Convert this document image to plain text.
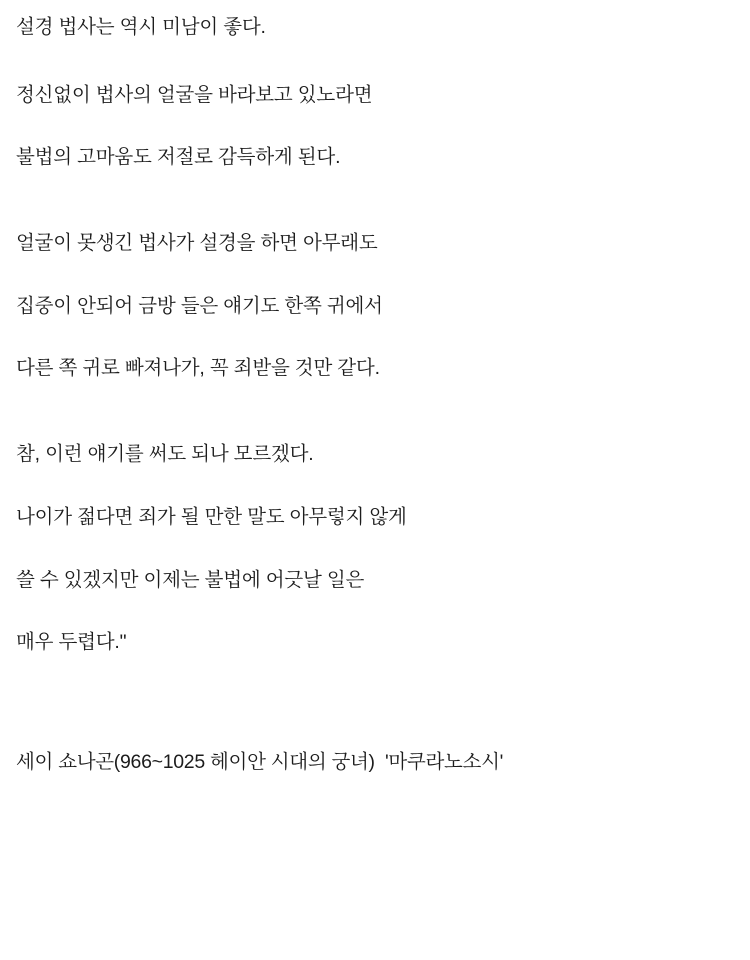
설경 법사는 역시 미남이 좋다.

정신없이 법사의 얼굴을 바라보고 있노라면

불법의 고마움도 저절로 감득하게 된다.

얼굴이 못생긴 법사가 설경을 하면 아무래도

집중이 안되어 금방 들은 얘기도 한쪽 귀에서

다른 쪽 귀로 빠져나가, 꼭 죄받을 것만 같다.

참, 이런 얘기를 써도 되나 모르겠다.

나이가 젊다면 죄가 될 만한 말도 아무렇지 않게

쓸 수 있겠지만 이제는 불법에 어긋날 일은

매우 두렵다."

세이 쇼나곤(966~1025 헤이안 시대의 궁녀)  '마쿠라노소시'
